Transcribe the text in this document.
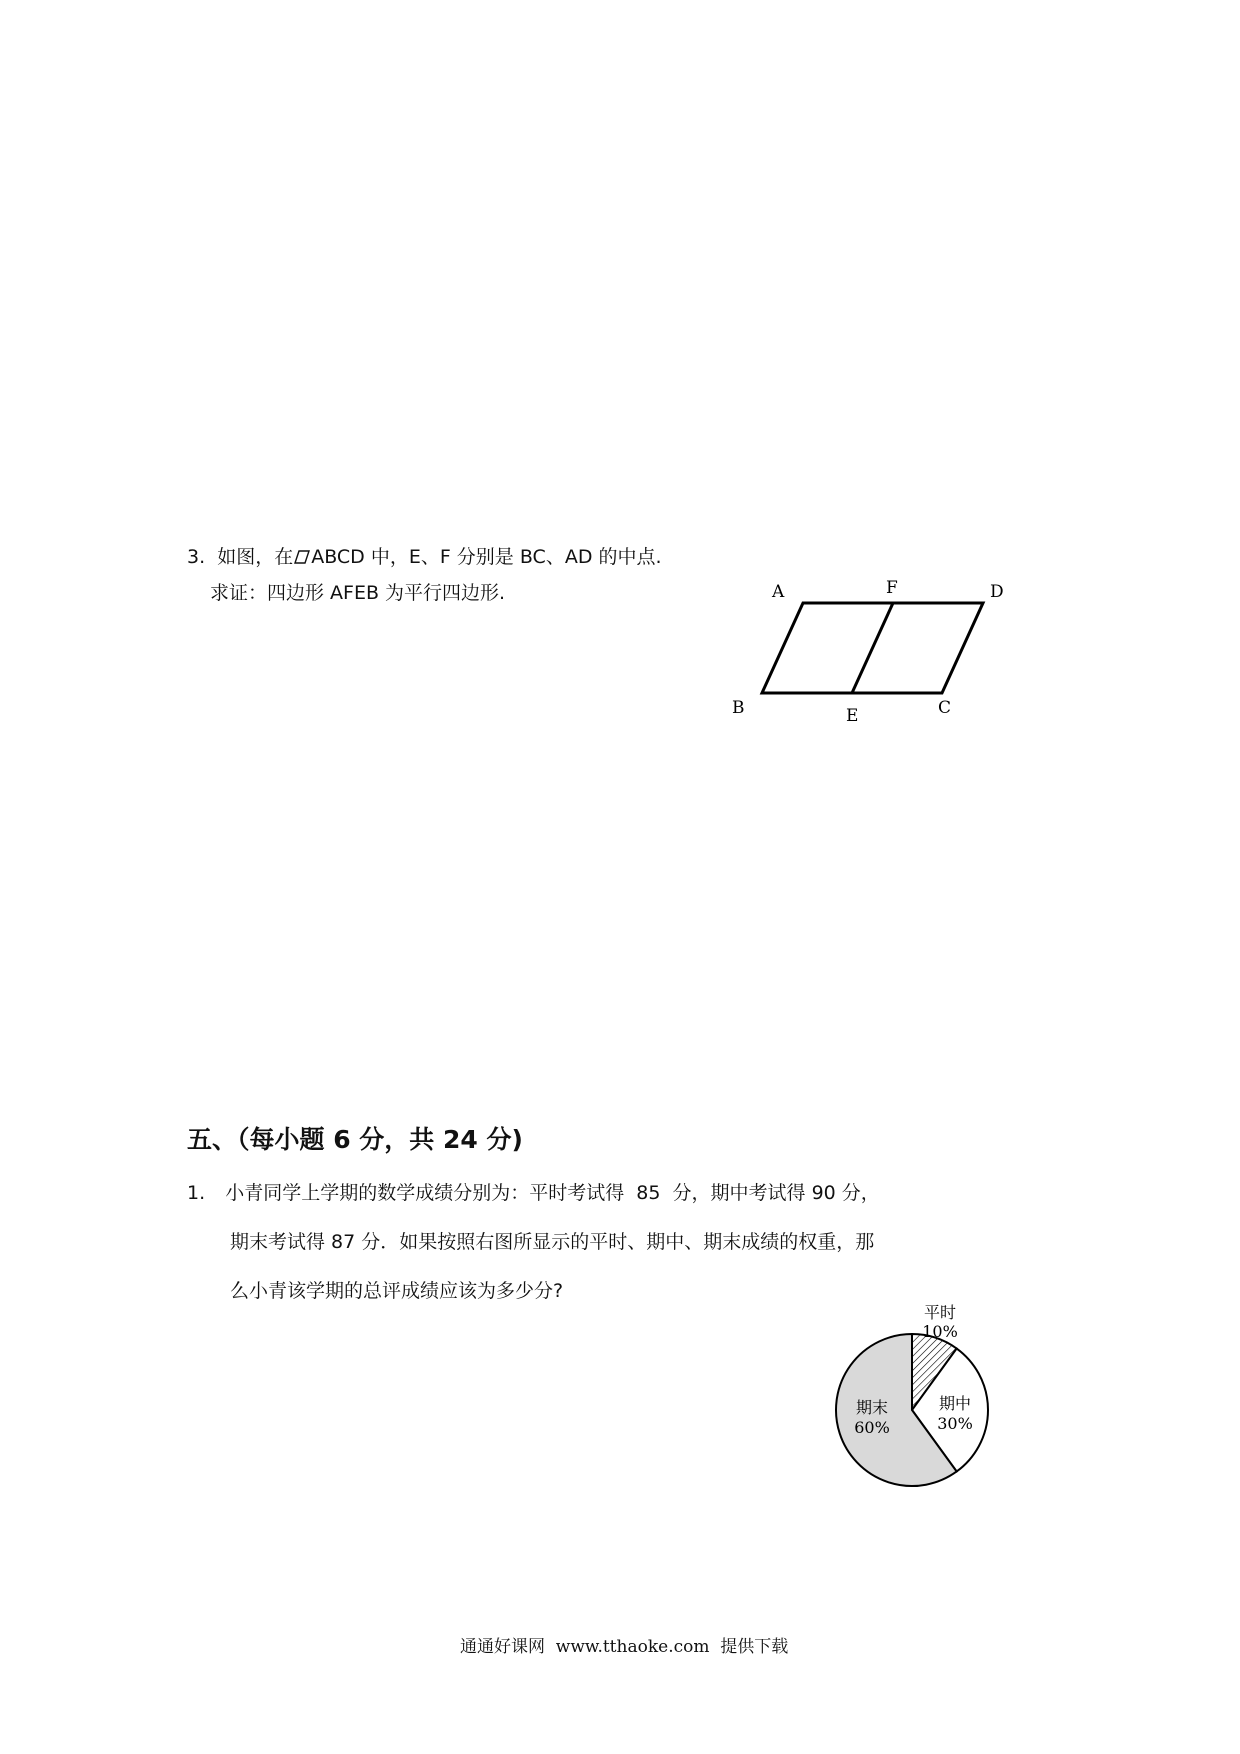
3. 如图，在 ABCD 中，E、F 分别是 BC、AD 的中点.
求证：四边形 AFEB 为平行四边形.	A	F	D
B	E	C
五、（每小题 6 分，共 24 分)
1. 小青同学上学期的数学成绩分别为：平时考试得  85  分，期中考试得 90 分，
期末考试得 87 分．如果按照右图所显示的平时、期中、期末成绩的权重，那
么小青该学期的总评成绩应该为多少分?
平时
10%
期中
30%
期末
60%
通通好课网  www.tthaoke.com  提供下载
